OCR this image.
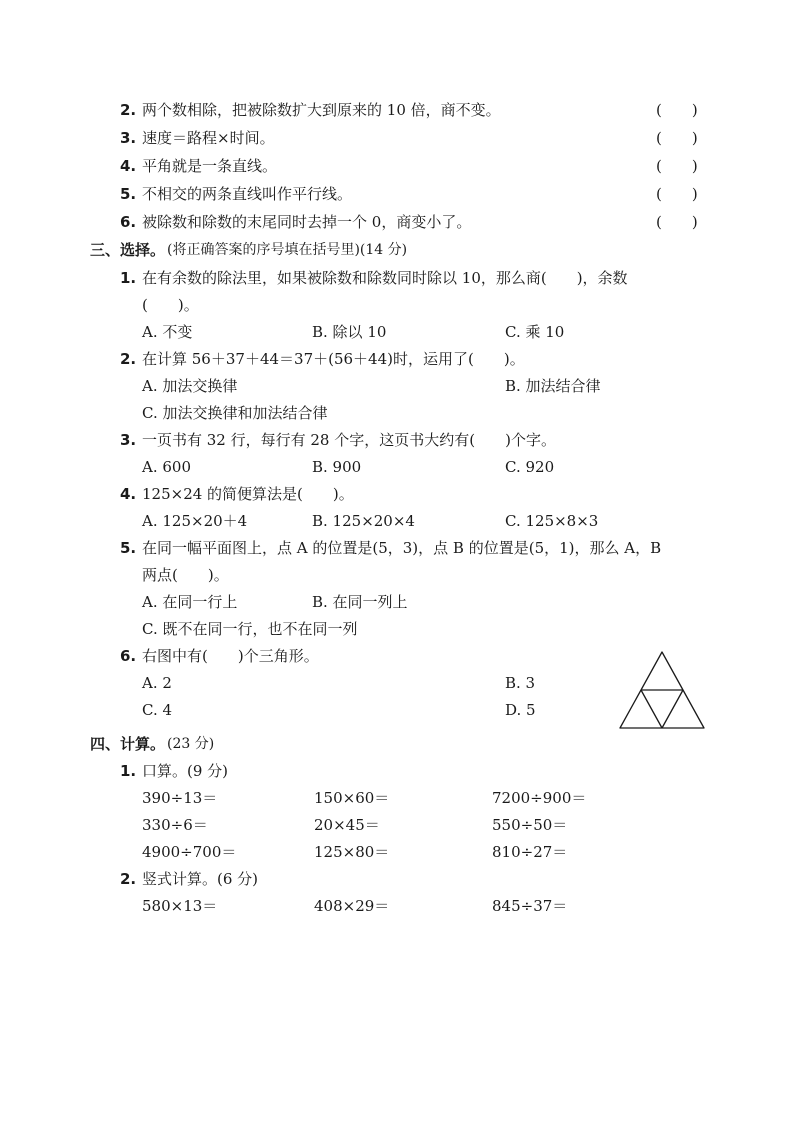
2. 两个数相除，把被除数扩大到原来的 10 倍，商不变。	(　　)
3. 速度＝路程×时间。	(　　)
4. 平角就是一条直线。	(　　)
5. 不相交的两条直线叫作平行线。	(　　)
6. 被除数和除数的末尾同时去掉一个 0，商变小了。	(　　)
三、选择。 (将正确答案的序号填在括号里)(14 分)
1. 在有余数的除法里，如果被除数和除数同时除以 10，那么商(　　)，余数
(　　)。
A. 不变	B. 除以 10	C. 乘 10
2. 在计算 56＋37＋44＝37＋(56＋44)时，运用了(　　)。
A. 加法交换律	B. 加法结合律
C. 加法交换律和加法结合律
3. 一页书有 32 行，每行有 28 个字，这页书大约有(　　)个字。
A. 600	B. 900	C. 920
4. 125×24 的简便算法是(　　)。
A. 125×20＋4	B. 125×20×4	C. 125×8×3
5. 在同一幅平面图上，点 A 的位置是(5，3)，点 B 的位置是(5，1)，那么 A，B
两点(　　)。
A. 在同一行上	B. 在同一列上
C. 既不在同一行，也不在同一列
6. 右图中有(　　)个三角形。
A. 2	B. 3
C. 4	D. 5
四、计算。 (23 分)
1. 口算。(9 分)
390÷13＝	150×60＝	7200÷900＝
330÷6＝	20×45＝	550÷50＝
4900÷700＝	125×80＝	810÷27＝
2. 竖式计算。(6 分)
580×13＝	408×29＝	845÷37＝
